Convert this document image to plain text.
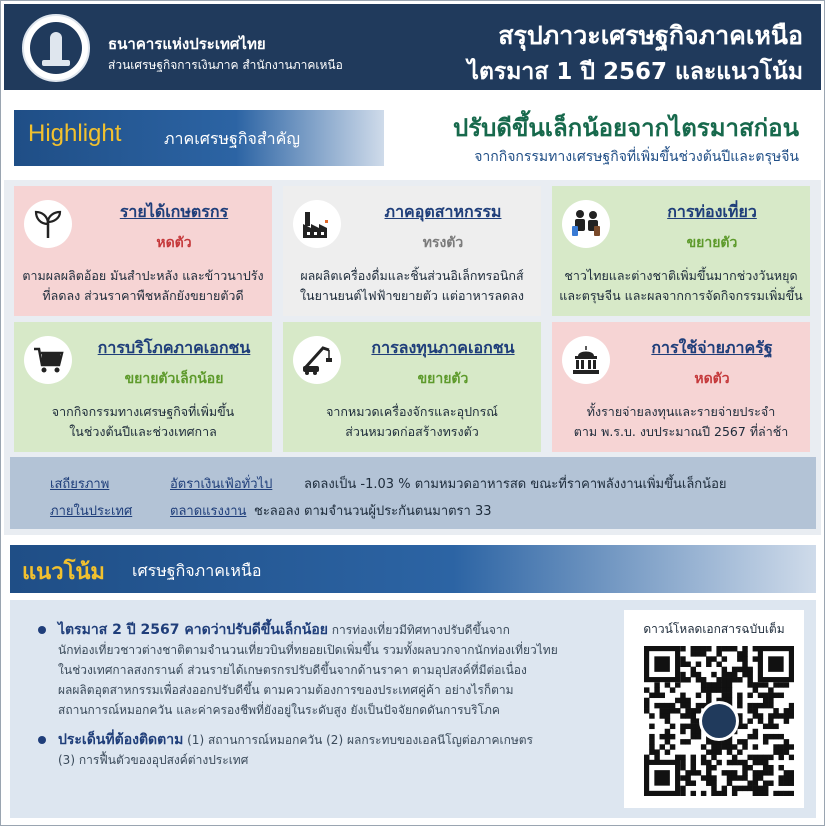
ธนาคารแห่งประเทศไทย
ส่วนเศรษฐกิจการเงินภาค สำนักงานภาคเหนือ
สรุปภาวะเศรษฐกิจภาคเหนือ
ไตรมาส 1 ปี 2567 และแนวโน้ม
Highlight	ภาคเศรษฐกิจสำคัญ	ปรับดีขึ้นเล็กน้อยจากไตรมาสก่อน
จากกิจกรรมทางเศรษฐกิจที่เพิ่มขึ้นช่วงต้นปีและตรุษจีน
รายได้เกษตรกร
หดตัว
ตามผลผลิตอ้อย มันสำปะหลัง และข้าวนาปรัง
ที่ลดลง ส่วนราคาพืชหลักยังขยายตัวดี
ภาคอุตสาหกรรม
ทรงตัว
ผลผลิตเครื่องดื่มและชิ้นส่วนอิเล็กทรอนิกส์
ในยานยนต์ไฟฟ้าขยายตัว แต่อาหารลดลง
การท่องเที่ยว
ขยายตัว
ชาวไทยและต่างชาติเพิ่มขึ้นมากช่วงวันหยุด
และตรุษจีน และผลจากการจัดกิจกรรมเพิ่มขึ้น
การบริโภคภาคเอกชน
ขยายตัวเล็กน้อย
จากกิจกรรมทางเศรษฐกิจที่เพิ่มขึ้น
ในช่วงต้นปีและช่วงเทศกาล
การลงทุนภาคเอกชน
ขยายตัว
จากหมวดเครื่องจักรและอุปกรณ์
ส่วนหมวดก่อสร้างทรงตัว
การใช้จ่ายภาครัฐ
หดตัว
ทั้งรายจ่ายลงทุนและรายจ่ายประจำ
ตาม พ.ร.บ. งบประมาณปี 2567 ที่ล่าช้า
เสถียรภาพ
ภายในประเทศ
อัตราเงินเฟ้อทั่วไป ลดลงเป็น -1.03 % ตามหมวดอาหารสด ขณะที่ราคาพลังงานเพิ่มขึ้นเล็กน้อย
ตลาดแรงงาน ชะลอลง ตามจำนวนผู้ประกันตนมาตรา 33
แนวโน้ม เศรษฐกิจภาคเหนือ
ไตรมาส 2 ปี 2567 คาดว่าปรับดีขึ้นเล็กน้อย การท่องเที่ยวมีทิศทางปรับดีขึ้นจาก
นักท่องเที่ยวชาวต่างชาติตามจำนวนเที่ยวบินที่ทยอยเปิดเพิ่มขึ้น รวมทั้งผลบวกจากนักท่องเที่ยวไทย
ในช่วงเทศกาลสงกรานต์ ส่วนรายได้เกษตรกรปรับดีขึ้นจากด้านราคา ตามอุปสงค์ที่มีต่อเนื่อง
ผลผลิตอุตสาหกรรมเพื่อส่งออกปรับดีขึ้น ตามความต้องการของประเทศคู่ค้า อย่างไรก็ตาม
สถานการณ์หมอกควัน และค่าครองชีพที่ยังอยู่ในระดับสูง ยังเป็นปัจจัยกดดันการบริโภค
ประเด็นที่ต้องติดตาม (1) สถานการณ์หมอกควัน (2) ผลกระทบของเอลนีโญต่อภาคเกษตร
(3) การฟื้นตัวของอุปสงค์ต่างประเทศ
ดาวน์โหลดเอกสารฉบับเต็ม
